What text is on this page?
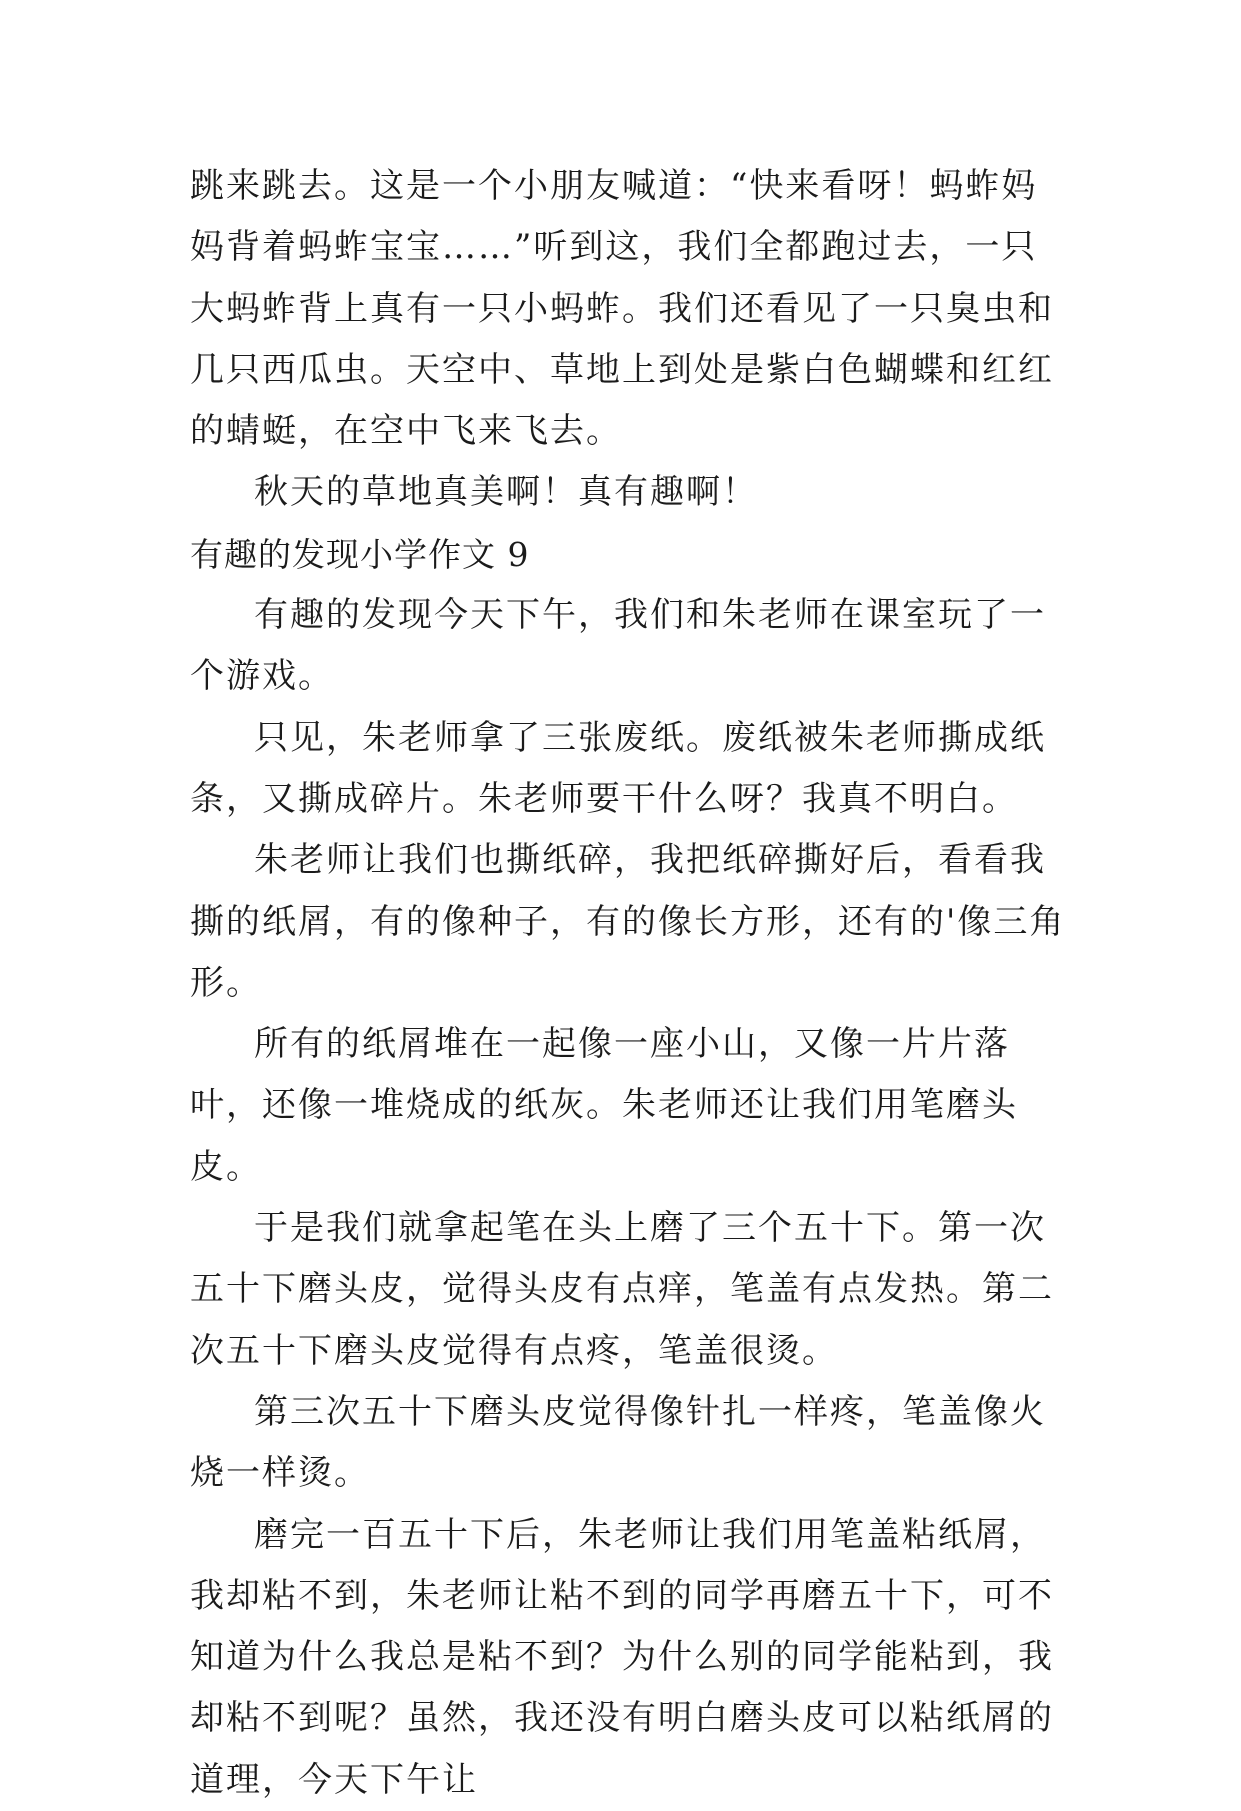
跳来跳去。这是一个小朋友喊道：“快来看呀！蚂蚱妈妈背着蚂蚱宝宝……”听到这，我们全都跑过去，一只大蚂蚱背上真有一只小蚂蚱。我们还看见了一只臭虫和几只西瓜虫。天空中、草地上到处是紫白色蝴蝶和红红的蜻蜓，在空中飞来飞去。

秋天的草地真美啊！真有趣啊！

有趣的发现小学作文 9

有趣的发现今天下午，我们和朱老师在课室玩了一个游戏。

只见，朱老师拿了三张废纸。废纸被朱老师撕成纸条，又撕成碎片。朱老师要干什么呀？我真不明白。

朱老师让我们也撕纸碎，我把纸碎撕好后，看看我撕的纸屑，有的像种子，有的像长方形，还有的'像三角形。

所有的纸屑堆在一起像一座小山，又像一片片落叶，还像一堆烧成的纸灰。朱老师还让我们用笔磨头皮。

于是我们就拿起笔在头上磨了三个五十下。第一次五十下磨头皮，觉得头皮有点痒，笔盖有点发热。第二次五十下磨头皮觉得有点疼，笔盖很烫。

第三次五十下磨头皮觉得像针扎一样疼，笔盖像火烧一样烫。

磨完一百五十下后，朱老师让我们用笔盖粘纸屑，我却粘不到，朱老师让粘不到的同学再磨五十下，可不知道为什么我总是粘不到？为什么别的同学能粘到，我却粘不到呢？虽然，我还没有明白磨头皮可以粘纸屑的道理，今天下午让
